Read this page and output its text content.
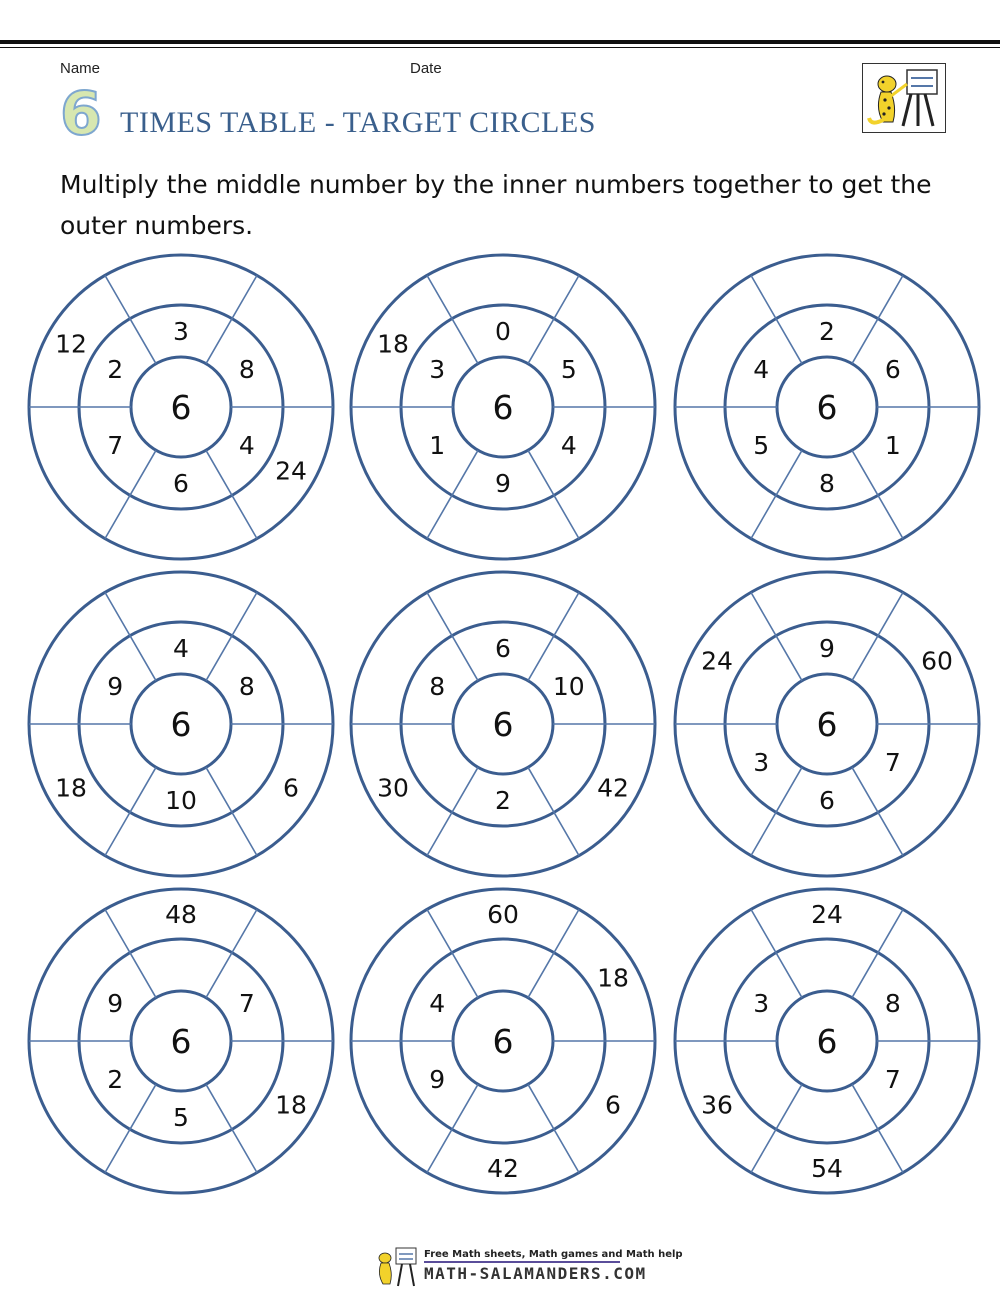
Name	Date
6 TIMES TABLE - TARGET CIRCLES
Multiply the middle number by the inner numbers together to get the outer numbers.
6
3
8
4
6
7
2
24
12
6
0
5
4
9
1
3
18
6
2
6
1
8
5
4
6
4
8
10
9
6
18
6
6
10
2
8
42
30
6
9
7
6
3
60
24
6
7
5
2
9
48
18
6
9
4
60
18
6
42
6
8
7
3
24
54
36
Free Math sheets, Math games and Math help
MATH-SALAMANDERS.COM
